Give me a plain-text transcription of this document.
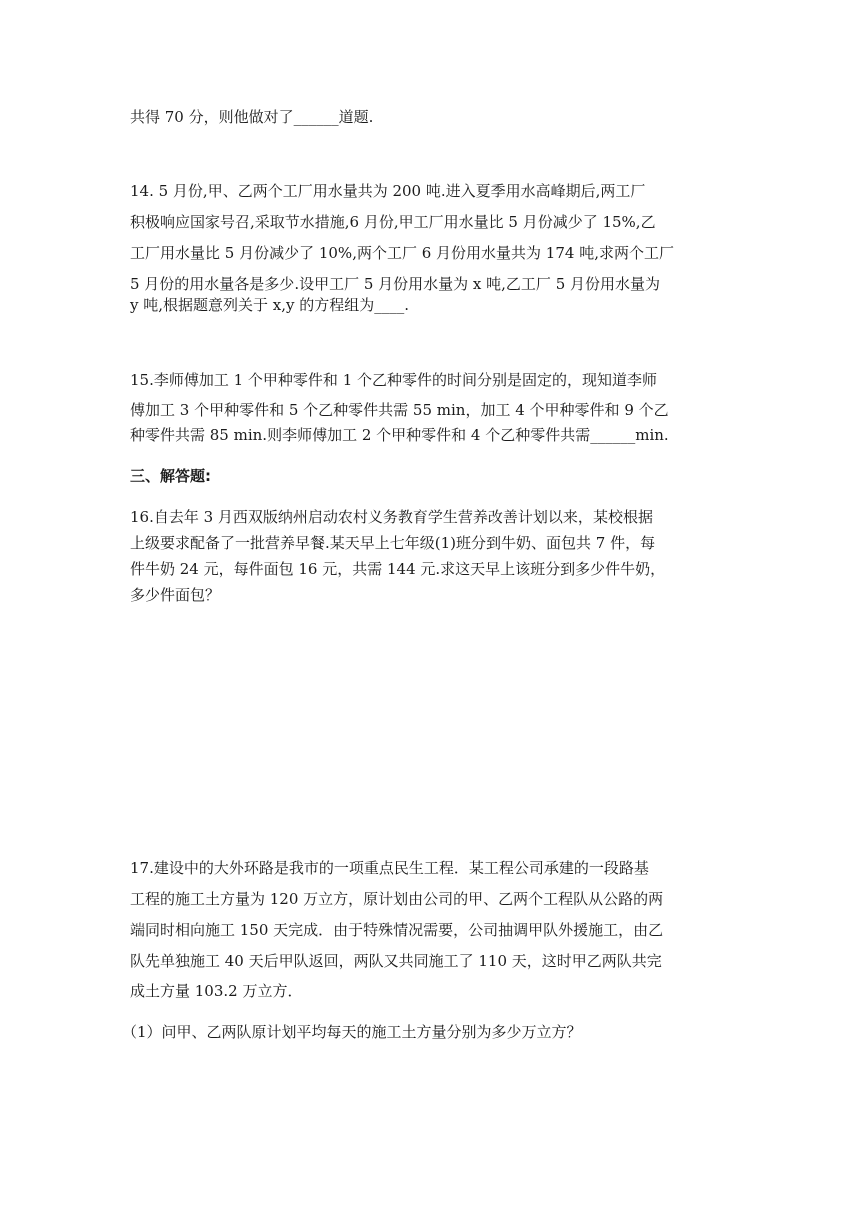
共得 70 分，则他做对了______道题.
14. 5 月份,甲、乙两个工厂用水量共为 200 吨.进入夏季用水高峰期后,两工厂
积极响应国家号召,采取节水措施,6 月份,甲工厂用水量比 5 月份减少了 15%,乙
工厂用水量比 5 月份减少了 10%,两个工厂 6 月份用水量共为 174 吨,求两个工厂
5 月份的用水量各是多少.设甲工厂 5 月份用水量为 x 吨,乙工厂 5 月份用水量为
y 吨,根据题意列关于 x,y 的方程组为____.
15.李师傅加工 1 个甲种零件和 1 个乙种零件的时间分别是固定的，现知道李师
傅加工 3 个甲种零件和 5 个乙种零件共需 55 min，加工 4 个甲种零件和 9 个乙
种零件共需 85 min.则李师傅加工 2 个甲种零件和 4 个乙种零件共需______min.
三、解答题:
16.自去年 3 月西双版纳州启动农村义务教育学生营养改善计划以来，某校根据
上级要求配备了一批营养早餐.某天早上七年级(1)班分到牛奶、面包共 7 件，每
件牛奶 24 元，每件面包 16 元，共需 144 元.求这天早上该班分到多少件牛奶，
多少件面包？
17.建设中的大外环路是我市的一项重点民生工程．某工程公司承建的一段路基
工程的施工土方量为 120 万立方，原计划由公司的甲、乙两个工程队从公路的两
端同时相向施工 150 天完成．由于特殊情况需要，公司抽调甲队外援施工，由乙
队先单独施工 40 天后甲队返回，两队又共同施工了 110 天，这时甲乙两队共完
成土方量 103.2 万立方．
（1）问甲、乙两队原计划平均每天的施工土方量分别为多少万立方？
